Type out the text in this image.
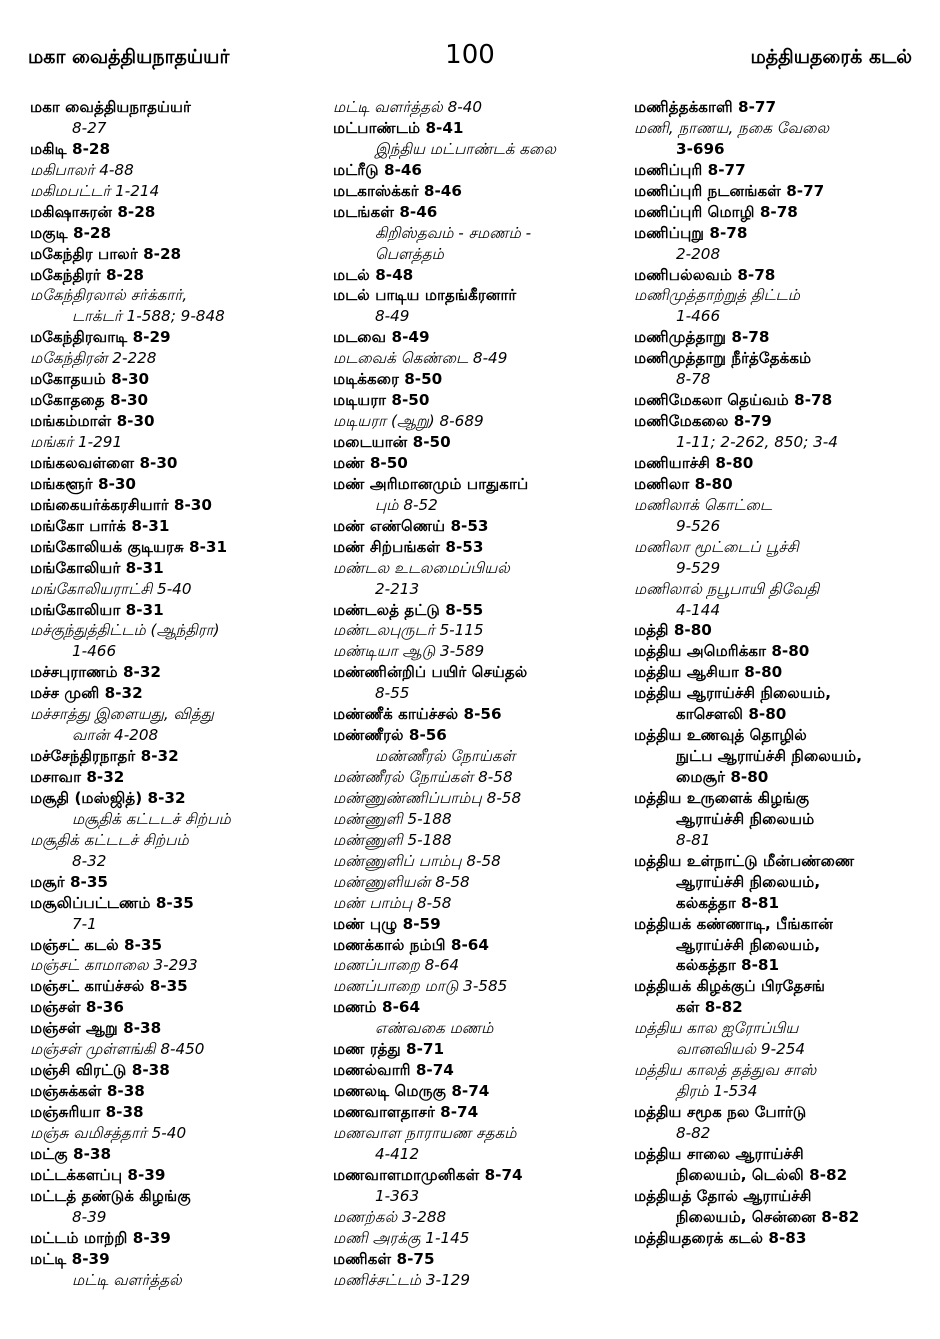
மகா வைத்தியநாதய்யர்	100	மத்தியதரைக் கடல்
மகா வைத்தியநாதய்யர்
8-27
மகிடி 8-28
மகிபாலர் 4-88
மகிமபட்டர் 1-214
மகிஷாசுரன் 8-28
மகுடி 8-28
மகேந்திர பாலர் 8-28
மகேந்திரர் 8-28
மகேந்திரலால் சர்க்கார்,
டாக்டர் 1-588; 9-848
மகேந்திரவாடி 8-29
மகேந்திரன் 2-228
மகோதயம் 8-30
மகோததை 8-30
மங்கம்மாள் 8-30
மங்கர் 1-291
மங்கலவள்ளை 8-30
மங்களூர் 8-30
மங்கையர்க்கரசியார் 8-30
மங்கோ பார்க் 8-31
மங்கோலியக் குடியரசு 8-31
மங்கோலியர் 8-31
மங்கோலியராட்சி 5-40
மங்கோலியா 8-31
மச்குந்துத்திட்டம் (ஆந்திரா)
1-466
மச்சபுராணம் 8-32
மச்ச முனி 8-32
மச்சாத்து இளையது, வித்து
வான் 4-208
மச்சேந்திரநாதர் 8-32
மசாவா 8-32
மசூதி (மஸ்ஜித்) 8-32
மசூதிக் கட்டடச் சிற்பம்
மசூதிக் கட்டடச் சிற்பம்
8-32
மசூர் 8-35
மசூலிப்பட்டணம் 8-35
7-1
மஞ்சட் கடல் 8-35
மஞ்சட் காமாலை 3-293
மஞ்சட் காய்ச்சல் 8-35
மஞ்சள் 8-36
மஞ்சள் ஆறு 8-38
மஞ்சள் முள்ளங்கி 8-450
மஞ்சி விரட்டு 8-38
மஞ்சுக்கள் 8-38
மஞ்சுரியா 8-38
மஞ்சு வமிசத்தார் 5-40
மட்கு 8-38
மட்டக்களப்பு 8-39
மட்டத் தண்டுக் கிழங்கு
8-39
மட்டம் மாற்றி 8-39
மட்டி 8-39
மட்டி வளர்த்தல்
மட்டி வளர்த்தல் 8-40
மட்பாண்டம் 8-41
இந்திய மட்பாண்டக் கலை
மட்ரீடு 8-46
மடகாஸ்க்கர் 8-46
மடங்கள் 8-46
கிறிஸ்தவம் - சமணம் -
பௌத்தம்
மடல் 8-48
மடல் பாடிய மாதங்கீரனார்
8-49
மடவை 8-49
மடவைக் கெண்டை 8-49
மடிக்கரை 8-50
மடியரா 8-50
மடியரா (ஆறு) 8-689
மடையான் 8-50
மண் 8-50
மண் அரிமானமும் பாதுகாப்
பும் 8-52
மண் எண்ணெய் 8-53
மண் சிற்பங்கள் 8-53
மண்டல உடலமைப்பியல்
2-213
மண்டலத் தட்டு 8-55
மண்டலபுருடர் 5-115
மண்டியா ஆடு 3-589
மண்ணின்றிப் பயிர் செய்தல்
8-55
மண்ணீக் காய்ச்சல் 8-56
மண்ணீரல் 8-56
மண்ணீரல் நோய்கள்
மண்ணீரல் நோய்கள் 8-58
மண்ணுண்ணிப்பாம்பு 8-58
மண்ணுளி 5-188
மண்ணுளி 5-188
மண்ணுளிப் பாம்பு 8-58
மண்ணுளியன் 8-58
மண் பாம்பு 8-58
மண் புழு 8-59
மணக்கால் நம்பி 8-64
மணப்பாறை 8-64
மணப்பாறை மாடு 3-585
மணம் 8-64
எண்வகை மணம்
மண ரத்து 8-71
மணல்வாரி 8-74
மணலடி மெருகு 8-74
மணவாளதாசர் 8-74
மணவாள நாராயண சதகம்
4-412
மணவாளமாமுனிகள் 8-74
1-363
மணற்கல் 3-288
மணி அரக்கு 1-145
மணிகள் 8-75
மணிச்சட்டம் 3-129
மணித்தக்காளி 8-77
மணி, நாணய, நகை வேலை
3-696
மணிப்புரி 8-77
மணிப்புரி நடனங்கள் 8-77
மணிப்புரி மொழி 8-78
மணிப்புறு 8-78
2-208
மணிபல்லவம் 8-78
மணிமுத்தாற்றுத் திட்டம்
1-466
மணிமுத்தாறு 8-78
மணிமுத்தாறு நீர்த்தேக்கம்
8-78
மணிமேகலா தெய்வம் 8-78
மணிமேகலை 8-79
1-11; 2-262, 850; 3-4
மணியாச்சி 8-80
மணிலா 8-80
மணிலாக் கொட்டை
9-526
மணிலா மூட்டைப் பூச்சி
9-529
மணிலால் நபூபாயி திவேதி
4-144
மத்தி 8-80
மத்திய அமெரிக்கா 8-80
மத்திய ஆசியா 8-80
மத்திய ஆராய்ச்சி நிலையம்,
காசௌலி 8-80
மத்திய உணவுத் தொழில்
நுட்ப ஆராய்ச்சி நிலையம்,
மைசூர் 8-80
மத்திய உருளைக் கிழங்கு
ஆராய்ச்சி நிலையம்
8-81
மத்திய உள்நாட்டு மீன்பண்ணை
ஆராய்ச்சி நிலையம்,
கல்கத்தா 8-81
மத்தியக் கண்ணாடி, பீங்கான்
ஆராய்ச்சி நிலையம்,
கல்கத்தா 8-81
மத்தியக் கிழக்குப் பிரதேசங்
கள் 8-82
மத்திய கால ஐரோப்பிய
வானவியல் 9-254
மத்திய காலத் தத்துவ சாஸ்
திரம் 1-534
மத்திய சமூக நல போர்டு
8-82
மத்திய சாலை ஆராய்ச்சி
நிலையம், டெல்லி 8-82
மத்தியத் தோல் ஆராய்ச்சி
நிலையம், சென்னை 8-82
மத்தியதரைக் கடல் 8-83
